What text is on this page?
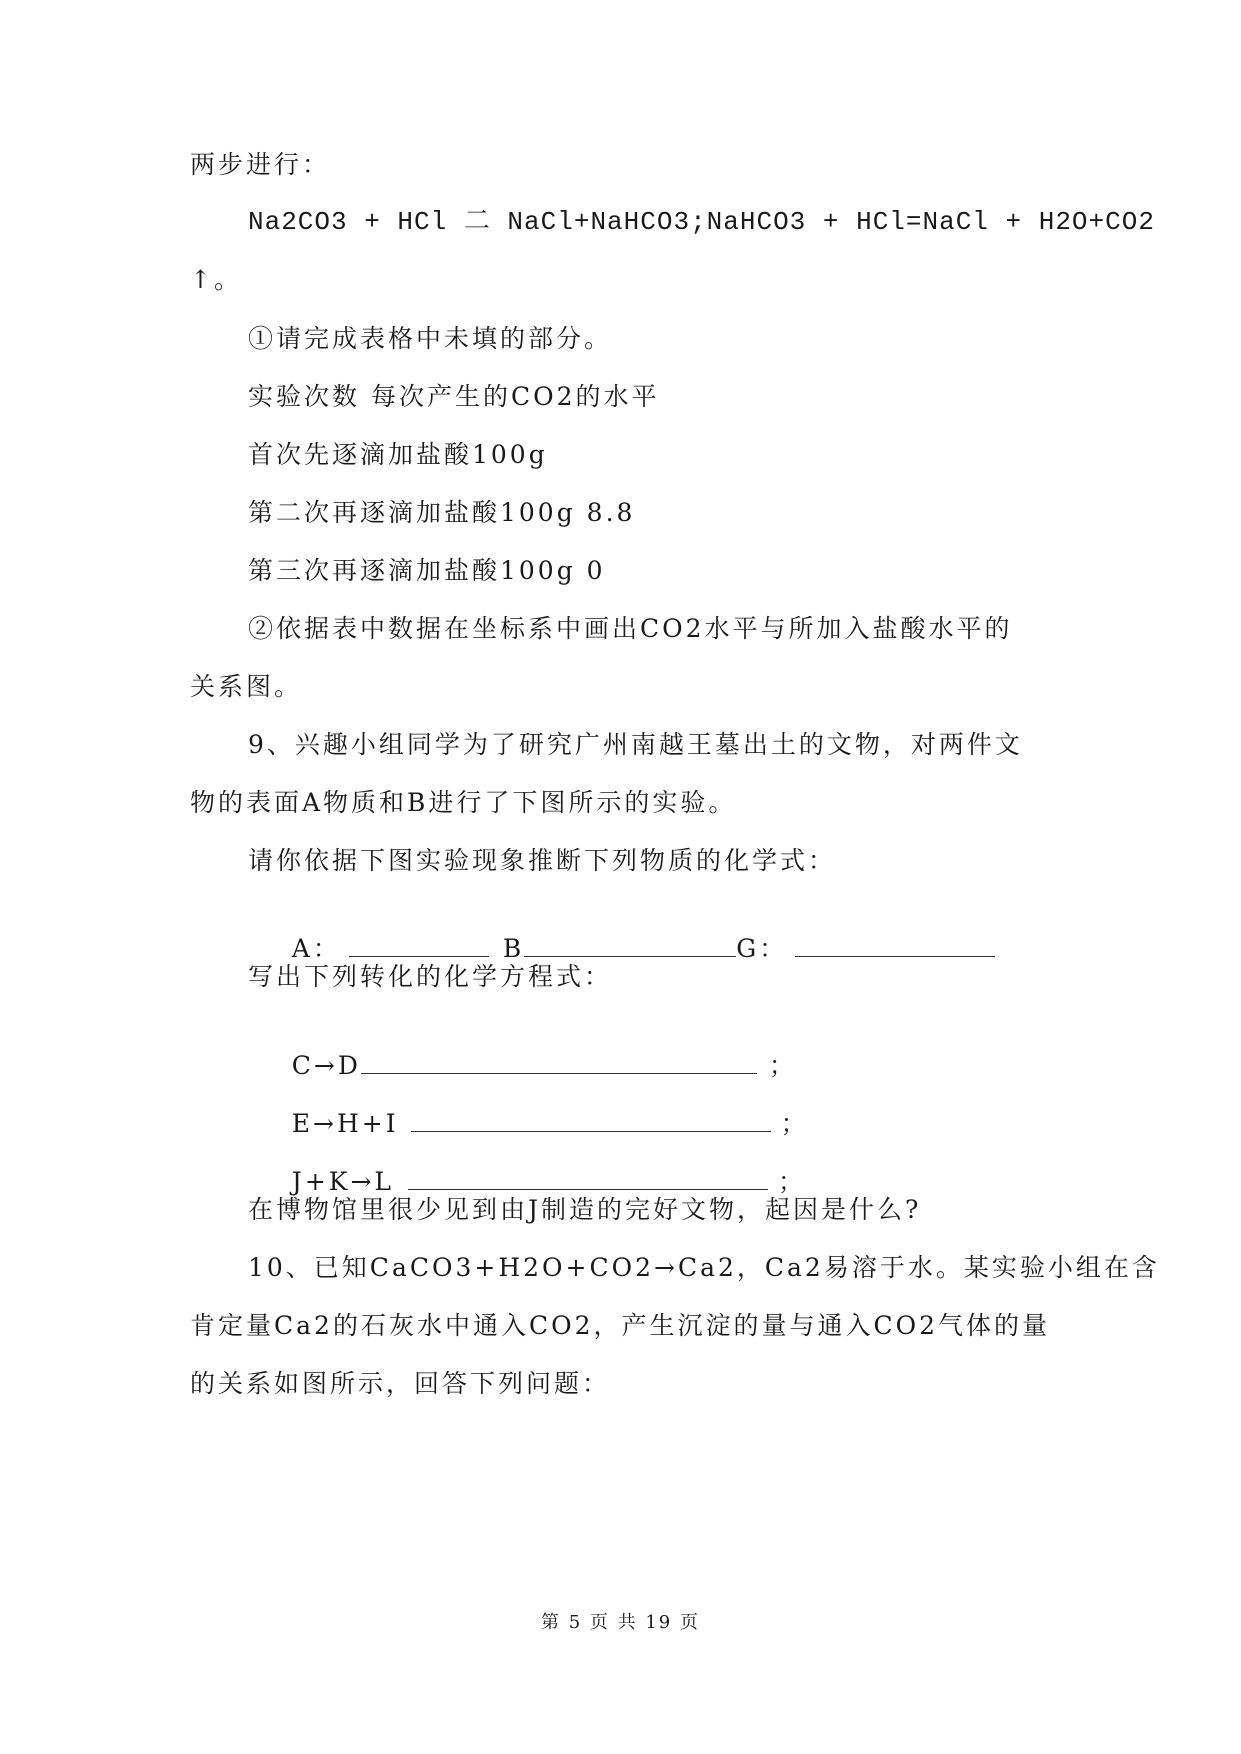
两步进行：
Na2CO3 + HCl 二 NaCl+NaHCO3;NaHCO3 + HCl=NaCl + H2O+CO2
↑。
①请完成表格中未填的部分。
实验次数 每次产生的CO2的水平
首次先逐滴加盐酸100g
第二次再逐滴加盐酸100g 8.8
第三次再逐滴加盐酸100g 0
②依据表中数据在坐标系中画出CO2水平与所加入盐酸水平的
关系图。
9、兴趣小组同学为了研究广州南越王墓出土的文物，对两件文
物的表面A物质和B进行了下图所示的实验。
请你依据下图实验现象推断下列物质的化学式：

A：	B	G：

写出下列转化的化学方程式：

C→D	；

E→H+I	；

J+K→L	；

在博物馆里很少见到由J制造的完好文物，起因是什么?
10、已知CaCO3+H2O+CO2→Ca2，Ca2易溶于水。某实验小组在含
肯定量Ca2的石灰水中通入CO2，产生沉淀的量与通入CO2气体的量
的关系如图所示，回答下列问题：
第 5 页 共 19 页
